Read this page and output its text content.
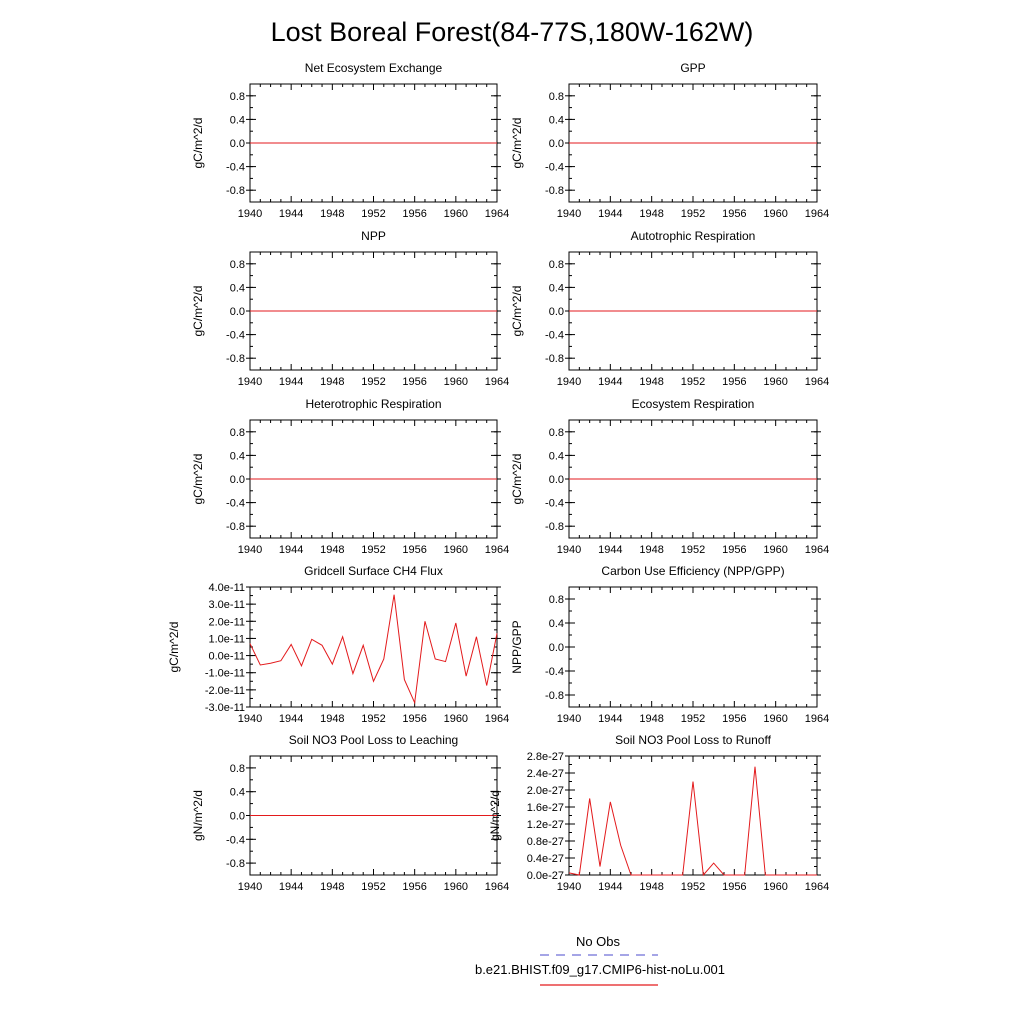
Lost Boreal Forest(84-77S,180W-162W)
Net Ecosystem Exchange
gC/m^2/d
1940 1944 1948 1952 1956 1960 1964
-0.8
-0.4
0.0
0.4
0.8
GPP
gC/m^2/d
1940 1944 1948 1952 1956 1960 1964
-0.8
-0.4
0.0
0.4
0.8
NPP
gC/m^2/d
1940 1944 1948 1952 1956 1960 1964
-0.8
-0.4
0.0
0.4
0.8
Autotrophic Respiration
gC/m^2/d
1940 1944 1948 1952 1956 1960 1964
-0.8
-0.4
0.0
0.4
0.8
Heterotrophic Respiration
gC/m^2/d
1940 1944 1948 1952 1956 1960 1964
-0.8
-0.4
0.0
0.4
0.8
Ecosystem Respiration
gC/m^2/d
1940 1944 1948 1952 1956 1960 1964
-0.8
-0.4
0.0
0.4
0.8
Gridcell Surface CH4 Flux
gC/m^2/d
1940 1944 1948 1952 1956 1960 1964
-3.0e-11
-2.0e-11
-1.0e-11
0.0e-11
1.0e-11
2.0e-11
3.0e-11
4.0e-11
Carbon Use Efficiency (NPP/GPP)
NPP/GPP
1940 1944 1948 1952 1956 1960 1964
-0.8
-0.4
0.0
0.4
0.8
Soil NO3 Pool Loss to Leaching
gN/m^2/d
1940 1944 1948 1952 1956 1960 1964
-0.8
-0.4
0.0
0.4
0.8
Soil NO3 Pool Loss to Runoff
gN/m^2/d
1940 1944 1948 1952 1956 1960 1964
0.0e-27
0.4e-27
0.8e-27
1.2e-27
1.6e-27
2.0e-27
2.4e-27
2.8e-27
No Obs
b.e21.BHIST.f09_g17.CMIP6-hist-noLu.001
